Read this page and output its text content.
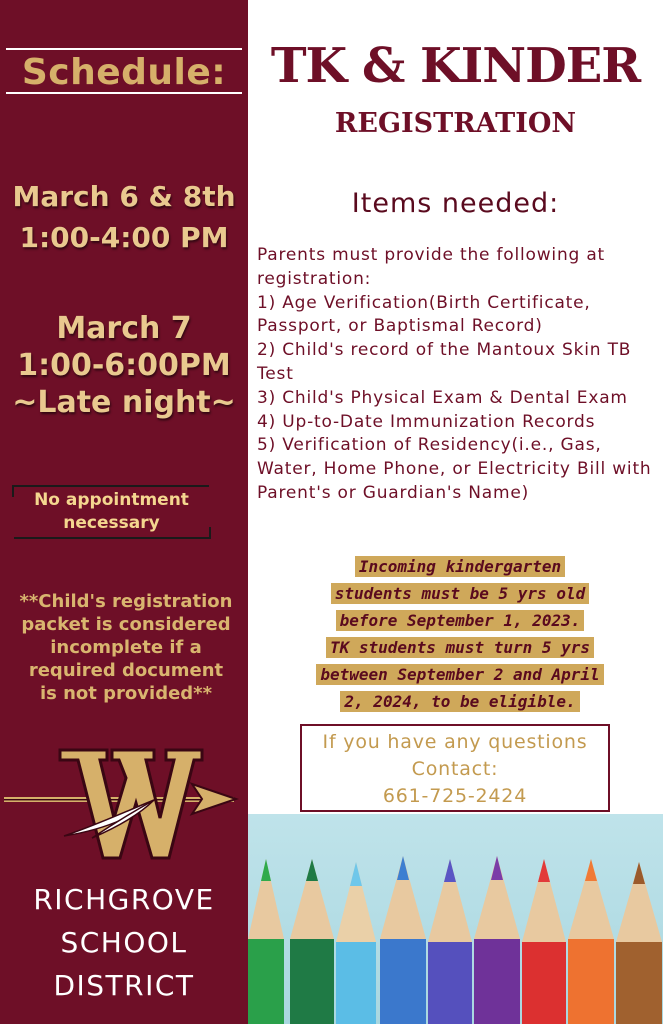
Schedule:
March 6 & 8th
1:00-4:00 PM
March 7
1:00-6:00PM
~Late night~
No appointment
necessary
**Child's registration
packet is considered
incomplete if a
required document
is not provided**
RICHGROVE
SCHOOL
DISTRICT
TK & KINDER
REGISTRATION
Items needed:

Parents must provide the following at registration:

1) Age Verification(Birth Certificate, Passport, or Baptismal Record)

2) Child's record of the Mantoux Skin TB Test

3) Child's Physical Exam & Dental Exam

4) Up-to-Date Immunization Records

5) Verification of Residency(i.e., Gas, Water, Home Phone, or Electricity Bill with Parent's or Guardian's Name)

Incoming kindergarten
students must be 5 yrs old
before September 1, 2023.
TK students must turn 5 yrs
between September 2 and April
2, 2024, to be eligible.
If you have any questions
Contact:
661-725-2424
